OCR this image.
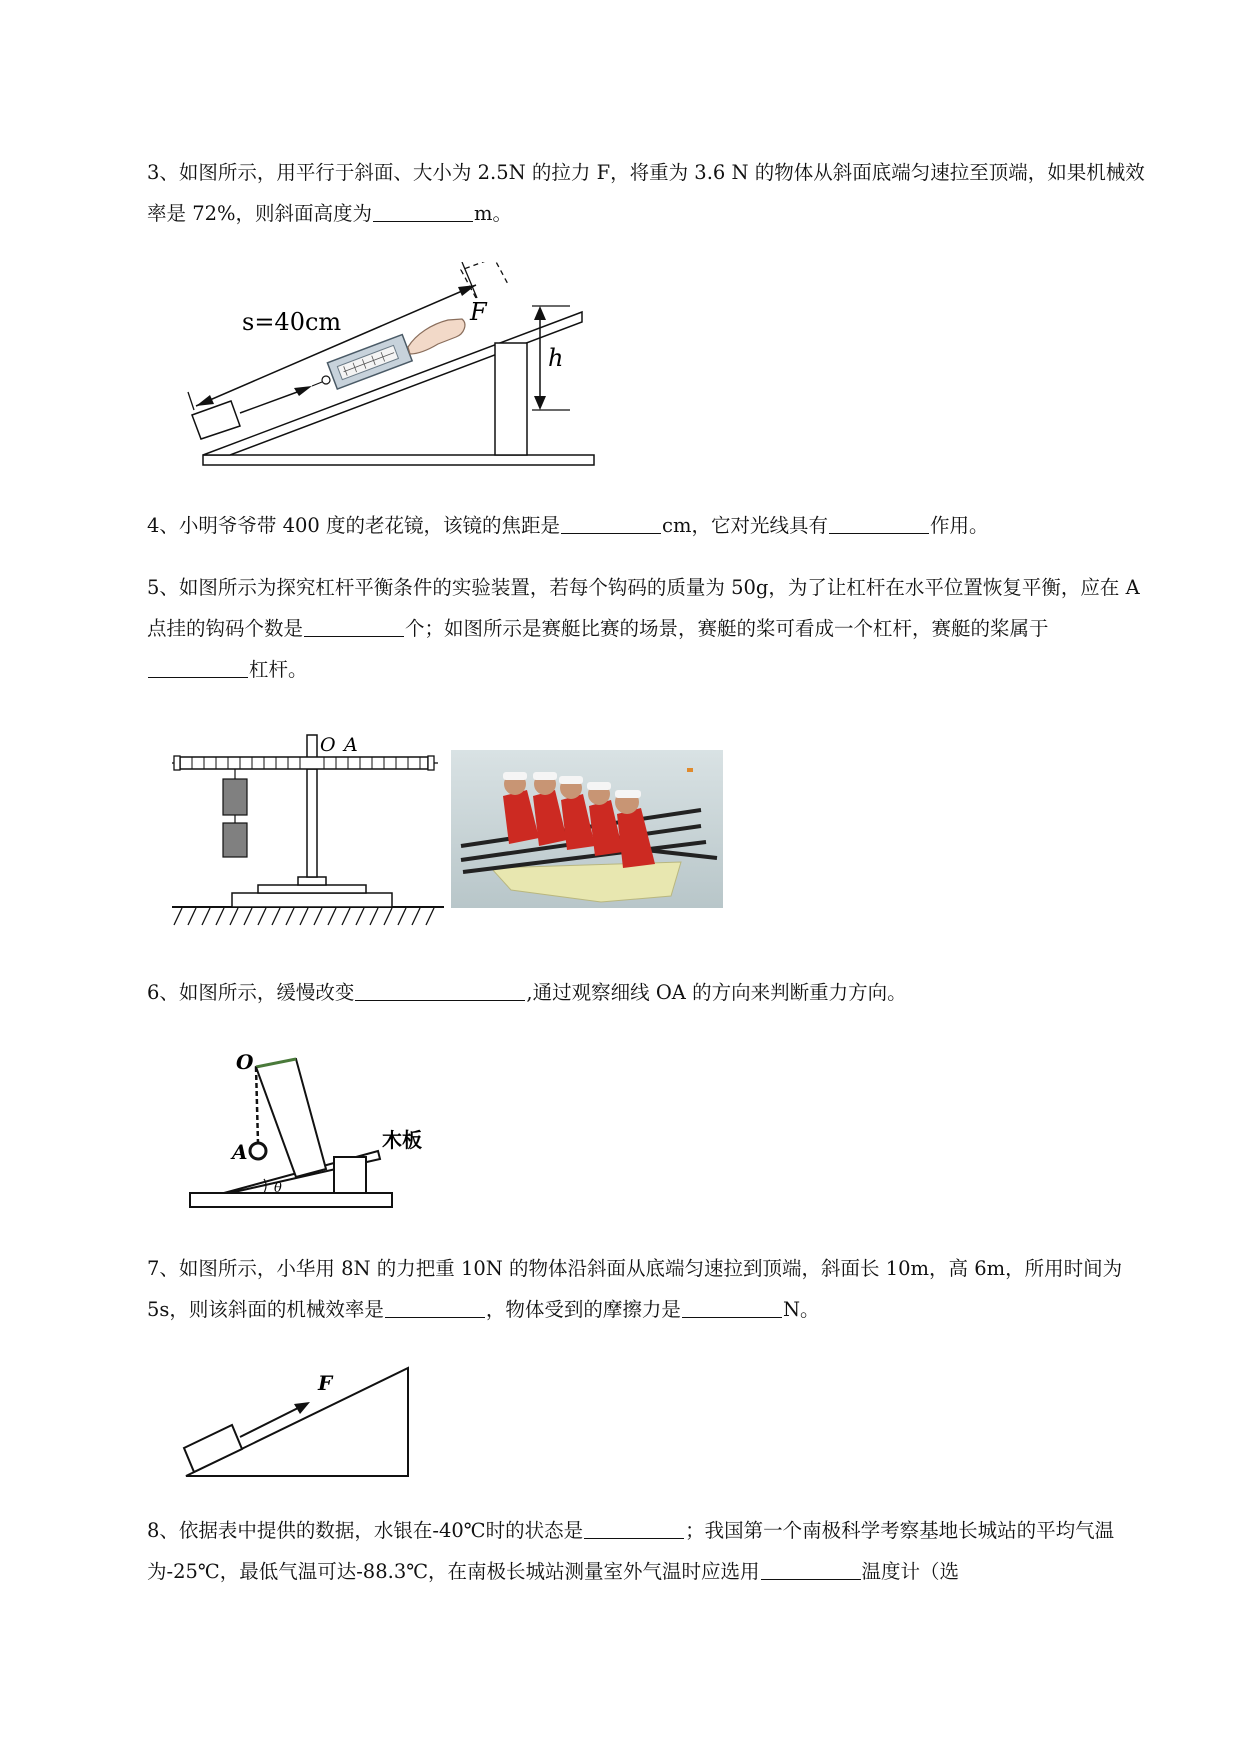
3、如图所示，用平行于斜面、大小为 2.5N 的拉力 F，将重为 3.6 N 的物体从斜面底端匀速拉至顶端，如果机械效率是 72%，则斜面高度为	m。
s=40cm	F
h
4、小明爷爷带 400 度的老花镜，该镜的焦距是	cm，它对光线具有	作用。
5、如图所示为探究杠杆平衡条件的实验装置，若每个钩码的质量为 50g，为了让杠杆在水平位置恢复平衡，应在 A 点挂的钩码个数是	个；如图所示是赛艇比赛的场景，赛艇的桨可看成一个杠杆，赛艇的桨属于杠杆。
O A
6、如图所示，缓慢改变	,通过观察细线 OA 的方向来判断重力方向。
O
A	木板
θ
7、如图所示，小华用 8N 的力把重 10N 的物体沿斜面从底端匀速拉到顶端，斜面长 10m，高 6m，所用时间为 5s，则该斜面的机械效率是	，物体受到的摩擦力是	N。
F
8、依据表中提供的数据，水银在-40℃时的状态是	；我国第一个南极科学考察基地长城站的平均气温为-25℃，最低气温可达-88.3℃，在南极长城站测量室外气温时应选用	温度计（选
